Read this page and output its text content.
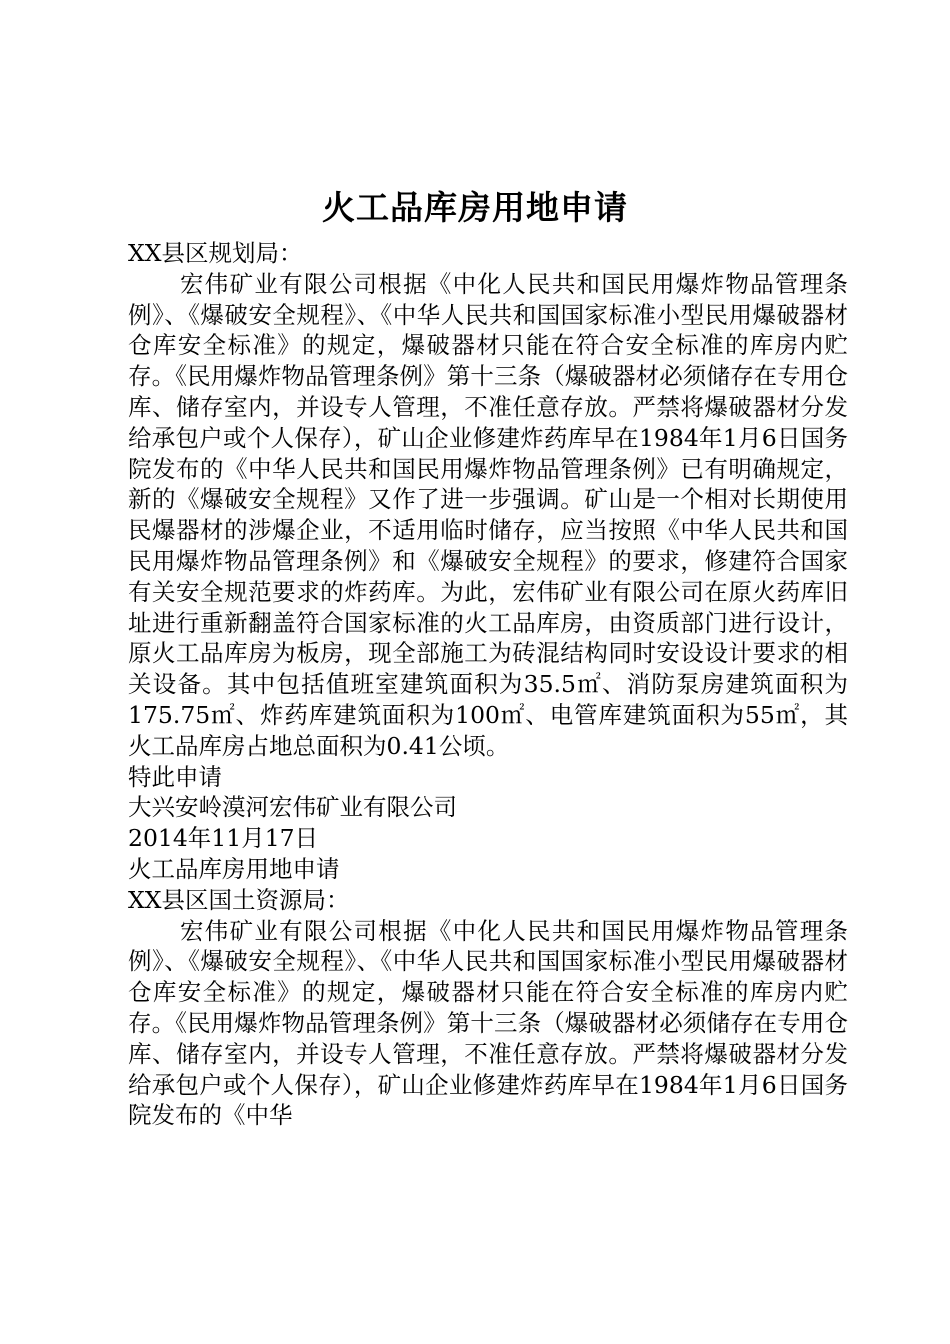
火工品库房用地申请

XX县区规划局：

宏伟矿业有限公司根据《中化人民共和国民用爆炸物品管理条例》、《爆破安全规程》、《中华人民共和国国家标准小型民用爆破器材仓库安全标准》的规定，爆破器材只能在符合安全标准的库房内贮存。《民用爆炸物品管理条例》第十三条（爆破器材必须储存在专用仓库、储存室内，并设专人管理，不准任意存放。严禁将爆破器材分发给承包户或个人保存），矿山企业修建炸药库早在1984年1月6日国务院发布的《中华人民共和国民用爆炸物品管理条例》已有明确规定，新的《爆破安全规程》又作了进一步强调。矿山是一个相对长期使用民爆器材的涉爆企业，不适用临时储存，应当按照《中华人民共和国民用爆炸物品管理条例》和《爆破安全规程》的要求，修建符合国家有关安全规范要求的炸药库。为此，宏伟矿业有限公司在原火药库旧址进行重新翻盖符合国家标准的火工品库房，由资质部门进行设计，原火工品库房为板房，现全部施工为砖混结构同时安设设计要求的相关设备。其中包括值班室建筑面积为35.5㎡、消防泵房建筑面积为175.75㎡、炸药库建筑面积为100㎡、电管库建筑面积为55㎡，其火工品库房占地总面积为0.41公顷。

特此申请

大兴安岭漠河宏伟矿业有限公司

2014年11月17日

火工品库房用地申请

XX县区国土资源局：

宏伟矿业有限公司根据《中化人民共和国民用爆炸物品管理条例》、《爆破安全规程》、《中华人民共和国国家标准小型民用爆破器材仓库安全标准》的规定，爆破器材只能在符合安全标准的库房内贮存。《民用爆炸物品管理条例》第十三条（爆破器材必须储存在专用仓库、储存室内，并设专人管理，不准任意存放。严禁将爆破器材分发给承包户或个人保存），矿山企业修建炸药库早在1984年1月6日国务院发布的《中华
